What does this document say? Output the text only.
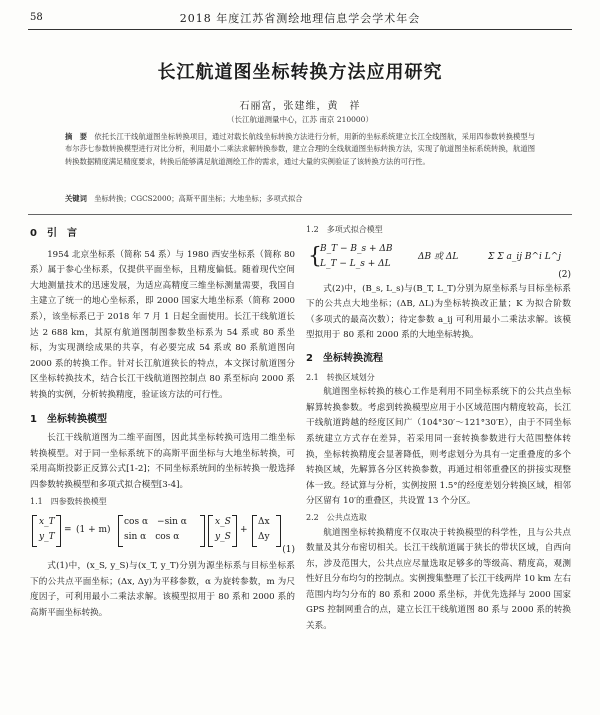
58	2018 年度江苏省测绘地理信息学会学术年会
长江航道图坐标转换方法应用研究
石丽富，张建维，黄　祥
（长江航道测量中心，江苏 南京 210000）
摘　要　 依托长江干线航道图坐标转换项目，通过对载长航线坐标转换方法进行分析，用新的坐标系统建立长江全线图航，采用四参数转换模型与布尔莎七参数转换模型进行对比分析，利用最小二乘法求解转换参数，建立合理的全线航道图坐标转换方法，实现了航道图坐标系统转换，航道图转换数据精度满足精度要求，转换后能够满足航道测绘工作的需求，通过大量的实例验证了该转换方法的可行性。
关键词　 坐标转换；CGCS2000；高斯平面坐标；大地坐标；多项式拟合
0　引　言

1954 北京坐标系（简称 54 系）与 1980 西安坐标系（简称 80 系）属于参心坐标系，仅提供平面坐标，且精度偏低。随着现代空间大地测量技术的迅速发展，为适应高精度三维坐标测量需要，我国自主建立了统一的地心坐标系，即 2000 国家大地坐标系（简称 2000 系），该坐标系已于 2018 年 7 月 1 日起全面使用。长江干线航道长达 2 688 km，其原有航道图制图参数坐标系为 54 系或 80 系坐标，为实现测绘成果的共享，有必要完成 54 系或 80 系航道图向 2000 系的转换工作。针对长江航道狭长的特点，本文探讨航道图分区坐标转换技术，结合长江干线航道图控制点 80 系至标向 2000 系转换的实例，分析转换精度，验证该方法的可行性。

1　坐标转换模型

长江干线航道图为二维平面图，因此其坐标转换可选用二维坐标转换模型。对于同一坐标系统下的高斯平面坐标与大地坐标转换，可采用高斯投影正反算公式[1-2]；不同坐标系统间的坐标转换一般选择四参数转换模型和多项式拟合模型[3-4]。

1.1　四参数转换模型
x_T
y_T
= (1 + m)
cos α　 −sin α
sin α　 cos α
x_S
y_S
+
Δx
Δy
(1)

式(1)中，(x_S, y_S)与(x_T, y_T)分别为源坐标系与目标坐标系下的公共点平面坐标；(Δx, Δy)为平移参数，α 为旋转参数，m 为尺度因子，可利用最小二乘法求解。该模型拟用于 80 系和 2000 系的高斯平面坐标转换。

1.2　多项式拟合模型
{
B_T − B_s + ΔB
L_T − L_s + ΔL
ΔB 或 ΔL	Σ Σ a_ij B^i L^j
(2)

式(2)中，(B_s, L_s)与(B_T, L_T)分别为原坐标系与目标坐标系下的公共点大地坐标；(ΔB, ΔL)为坐标转换改正量；K 为拟合阶数（多项式的最高次数）；待定参数 a_ij 可利用最小二乘法求解。该模型拟用于 80 系和 2000 系的大地坐标转换。

2　坐标转换流程
2.1　转换区域划分

航道图坐标转换的核心工作是利用不同坐标系统下的公共点坐标解算转换参数。考虑到转换模型应用于小区域范围内精度较高，长江干线航道跨越的经度区间广（104°30′～121°30′E），由于不同坐标系统建立方式存在差异，若采用同一套转换参数进行大范围整体转换，坐标转换精度会显著降低，则考虑划分为具有一定重叠度的多个转换区域，先解算各分区转换参数，再通过相邻重叠区的拼接实现整体一致。经试算与分析，实例按照 1.5°的经度差划分转换区域，相邻分区留有 10′的重叠区，共设置 13 个分区。

2.2　公共点选取

航道图坐标转换精度不仅取决于转换模型的科学性，且与公共点数量及其分布密切相关。长江干线航道属于狭长的带状区域，自西向东，涉及范围大，公共点应尽量选取足够多的等级高、精度高，观测性好且分布均匀的控制点。实例搜集整理了长江干线两岸 10 km 左右范围内均匀分布的 80 系和 2000 系坐标，并优先选择与 2000 国家 GPS 控制网重合的点，建立长江干线航道图 80 系与 2000 系的转换关系。
